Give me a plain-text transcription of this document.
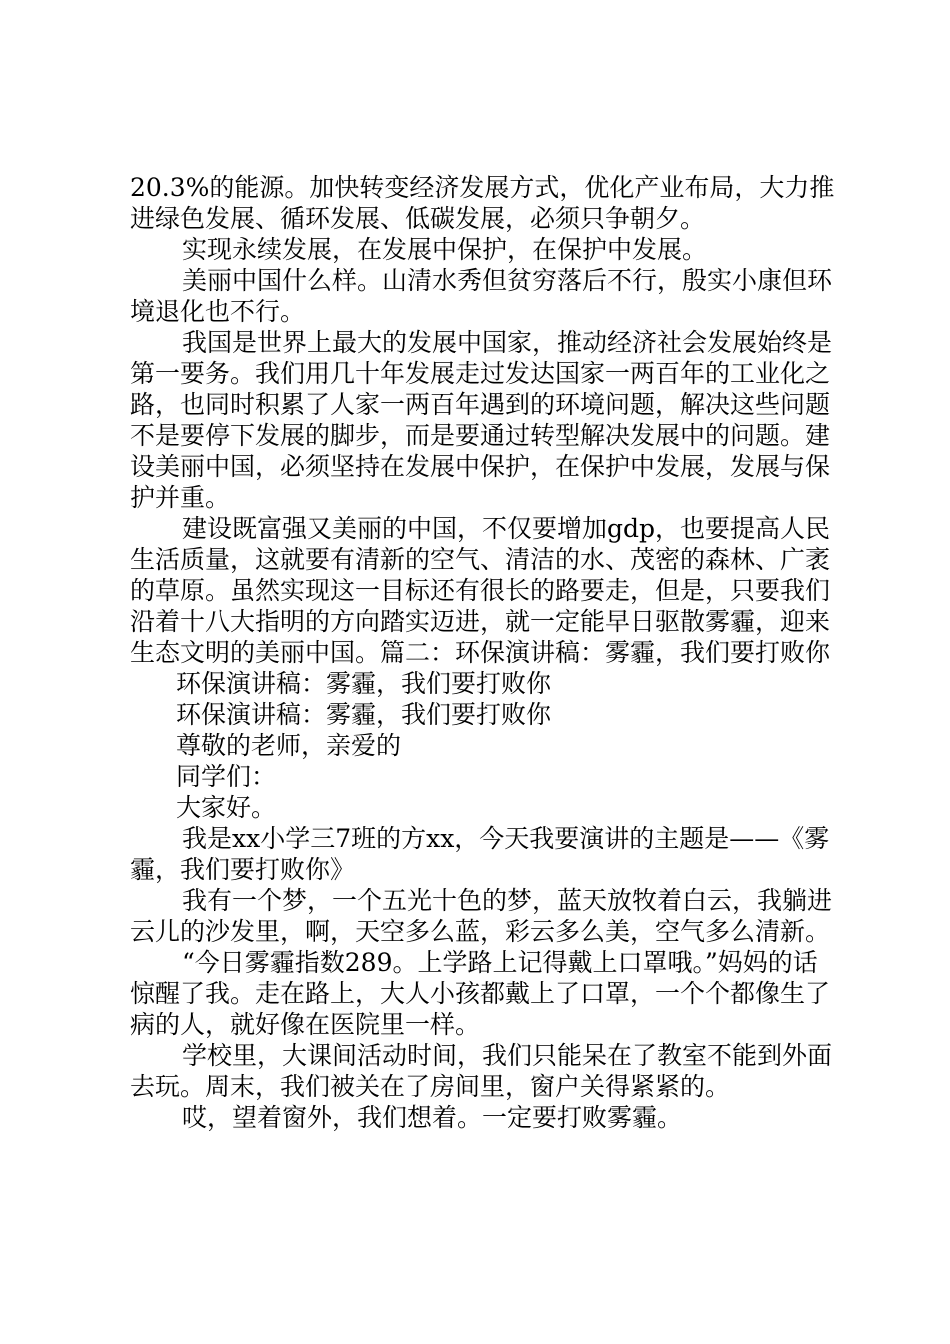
20.3%的能源。加快转变经济发展方式，优化产业布局，大力推进绿色发展、循环发展、低碳发展，必须只争朝夕。

实现永续发展，在发展中保护，在保护中发展。

美丽中国什么样。山清水秀但贫穷落后不行，殷实小康但环境退化也不行。

我国是世界上最大的发展中国家，推动经济社会发展始终是第一要务。我们用几十年发展走过发达国家一两百年的工业化之路，也同时积累了人家一两百年遇到的环境问题，解决这些问题不是要停下发展的脚步，而是要通过转型解决发展中的问题。建设美丽中国，必须坚持在发展中保护，在保护中发展，发展与保护并重。

建设既富强又美丽的中国，不仅要增加gdp，也要提高人民生活质量，这就要有清新的空气、清洁的水、茂密的森林、广袤的草原。虽然实现这一目标还有很长的路要走，但是，只要我们沿着十八大指明的方向踏实迈进，就一定能早日驱散雾霾，迎来生态文明的美丽中国。篇二：环保演讲稿：雾霾，我们要打败你

环保演讲稿：雾霾，我们要打败你

环保演讲稿：雾霾，我们要打败你

尊敬的老师，亲爱的

同学们：

大家好。

我是xx小学三7班的方xx，今天我要演讲的主题是——《雾霾，我们要打败你》

我有一个梦，一个五光十色的梦，蓝天放牧着白云，我躺进云儿的沙发里，啊，天空多么蓝，彩云多么美，空气多么清新。

“今日雾霾指数289。上学路上记得戴上口罩哦。”妈妈的话惊醒了我。走在路上，大人小孩都戴上了口罩，一个个都像生了病的人，就好像在医院里一样。

学校里，大课间活动时间，我们只能呆在了教室不能到外面去玩。周末，我们被关在了房间里，窗户关得紧紧的。

哎，望着窗外，我们想着。一定要打败雾霾。
